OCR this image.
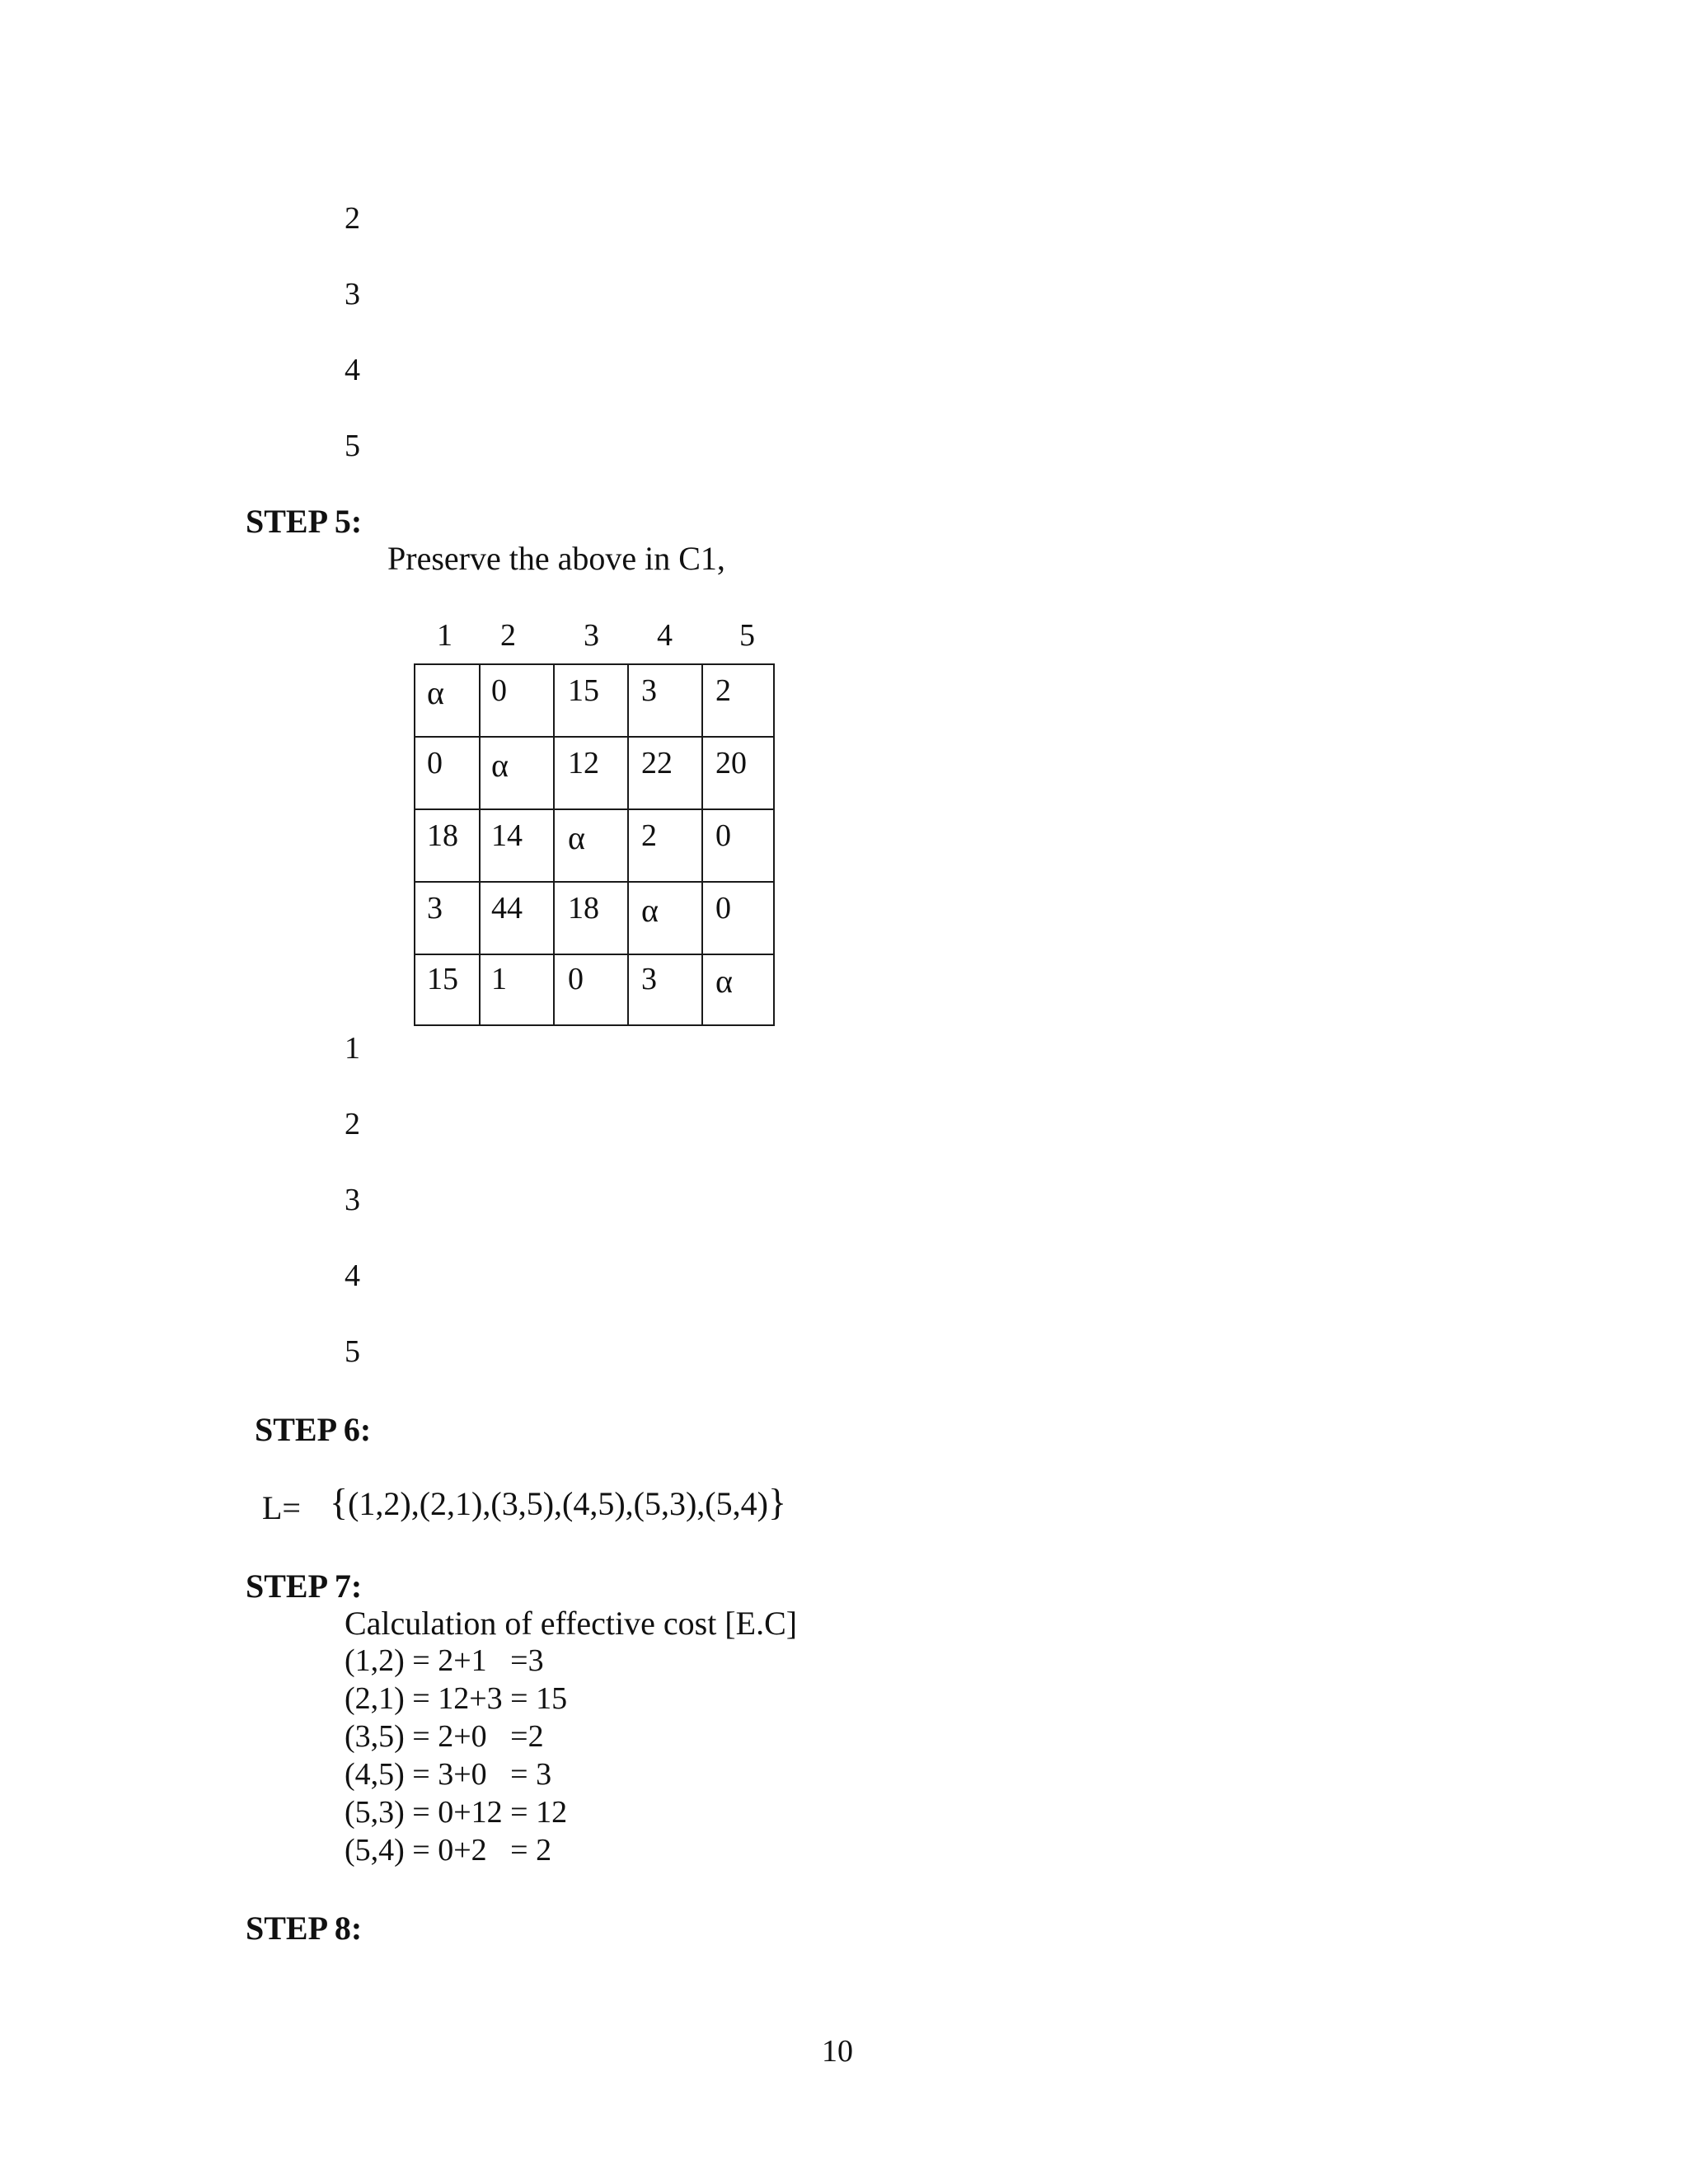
2
3
4
5
STEP 5:
Preserve the above in C1,
1 2 3 4 5
α 0 15 3 2
0 α 12 22 20
18 14 α 2 0
3 44 18 α 0
15 1 0 3 α
1
2
3
4
5
STEP 6:
L= {(1,2),(2,1),(3,5),(4,5),(5,3),(5,4)}
STEP 7:
Calculation of effective cost [E.C]
(1,2) = 2+1   =3
(2,1) = 12+3 = 15
(3,5) = 2+0   =2
(4,5) = 3+0   = 3
(5,3) = 0+12 = 12
(5,4) = 0+2   = 2
STEP 8:
10
